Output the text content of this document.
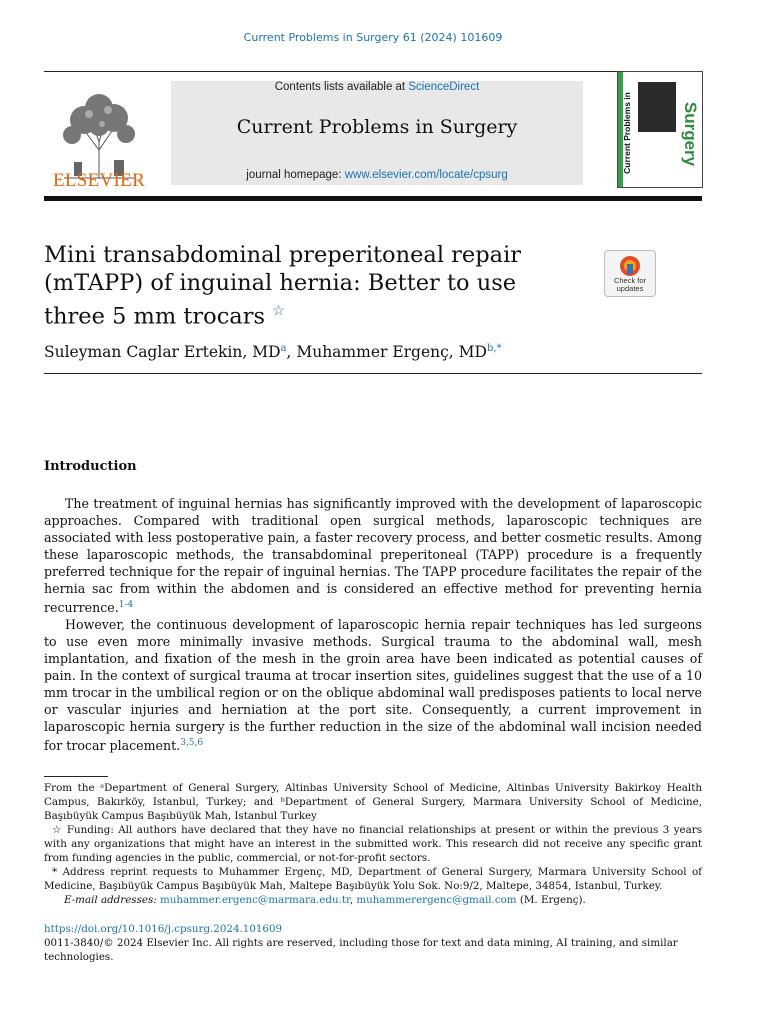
Current Problems in Surgery 61 (2024) 101609
ELSEVIER
Contents lists available at ScienceDirect
Current Problems in Surgery
journal homepage: www.elsevier.com/locate/cpsurg
Current Problems in	Surgery
Mini transabdominal preperitoneal repair (mTAPP) of inguinal hernia: Better to use three 5 mm trocars ☆
Check for updates
Suleyman Caglar Ertekin, $MD^a$, Muhammer Ergenç, $MD^{b,*}$
Introduction

The treatment of inguinal hernias has significantly improved with the development of laparoscopic approaches. Compared with traditional open surgical methods, laparoscopic techniques are associated with less postoperative pain, a faster recovery process, and better cosmetic results. Among these laparoscopic methods, the transabdominal preperitoneal (TAPP) procedure is a frequently preferred technique for the repair of inguinal hernias. The TAPP procedure facilitates the repair of the hernia sac from within the abdomen and is considered an effective method for preventing hernia recurrence.$^{1-4}$

However, the continuous development of laparoscopic hernia repair techniques has led surgeons to use even more minimally invasive methods. Surgical trauma to the abdominal wall, mesh implantation, and fixation of the mesh in the groin area have been indicated as potential causes of pain. In the context of surgical trauma at trocar insertion sites, guidelines suggest that the use of a 10 mm trocar in the umbilical region or on the oblique abdominal wall predisposes patients to local nerve or vascular injuries and herniation at the port site. Consequently, a current improvement in laparoscopic hernia surgery is the further reduction in the size of the abdominal wall incision needed for trocar placement.$^{3,5,6}$

From the ᵃDepartment of General Surgery, Altinbas University School of Medicine, Altinbas University Bakirkoy Health Campus, Bakırköy, Istanbul, Turkey; and ᵇDepartment of General Surgery, Marmara University School of Medicine, Başıbüyük Campus Başıbüyük Mah, Istanbul Turkey

☆ Funding: All authors have declared that they have no financial relationships at present or within the previous 3 years with any organizations that might have an interest in the submitted work. This research did not receive any specific grant from funding agencies in the public, commercial, or not-for-profit sectors.

* Address reprint requests to Muhammer Ergenç, MD, Department of General Surgery, Marmara University School of Medicine, Başıbüyük Campus Başıbüyük Mah, Maltepe Başıbüyük Yolu Sok. No:9/2, Maltepe, 34854, Istanbul, Turkey.

E-mail addresses: muhammer.ergenc@marmara.edu.tr, muhammerergenc@gmail.com (M. Ergenç).

https://doi.org/10.1016/j.cpsurg.2024.101609

0011-3840/© 2024 Elsevier Inc. All rights are reserved, including those for text and data mining, AI training, and similar technologies.
